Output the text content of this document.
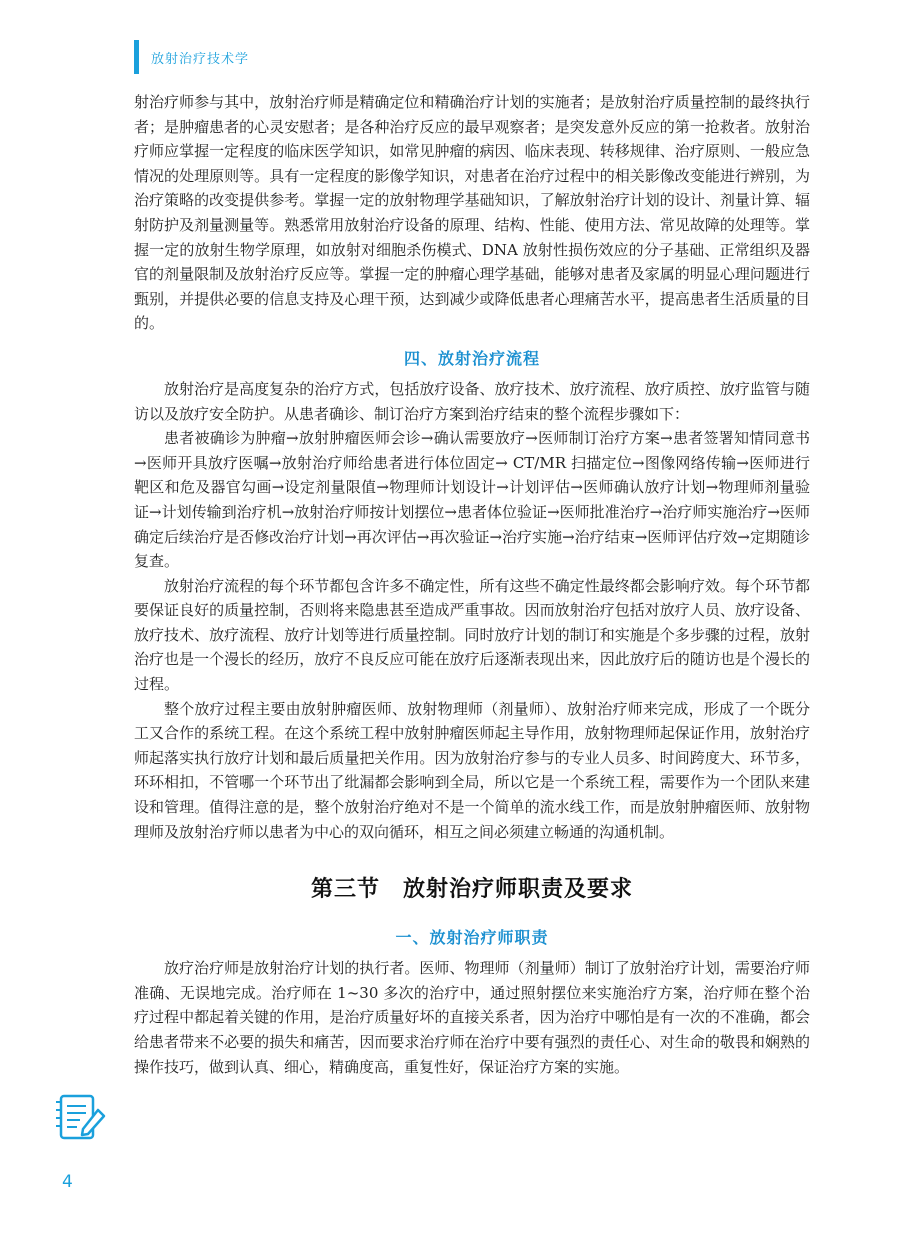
放射治疗技术学

射治疗师参与其中，放射治疗师是精确定位和精确治疗计划的实施者；是放射治疗质量控制的最终执行者；是肿瘤患者的心灵安慰者；是各种治疗反应的最早观察者；是突发意外反应的第一抢救者。放射治疗师应掌握一定程度的临床医学知识，如常见肿瘤的病因、临床表现、转移规律、治疗原则、一般应急情况的处理原则等。具有一定程度的影像学知识，对患者在治疗过程中的相关影像改变能进行辨别，为治疗策略的改变提供参考。掌握一定的放射物理学基础知识，了解放射治疗计划的设计、剂量计算、辐射防护及剂量测量等。熟悉常用放射治疗设备的原理、结构、性能、使用方法、常见故障的处理等。掌握一定的放射生物学原理，如放射对细胞杀伤模式、DNA 放射性损伤效应的分子基础、正常组织及器官的剂量限制及放射治疗反应等。掌握一定的肿瘤心理学基础，能够对患者及家属的明显心理问题进行甄别，并提供必要的信息支持及心理干预，达到减少或降低患者心理痛苦水平，提高患者生活质量的目的。

四、放射治疗流程

放射治疗是高度复杂的治疗方式，包括放疗设备、放疗技术、放疗流程、放疗质控、放疗监管与随访以及放疗安全防护。从患者确诊、制订治疗方案到治疗结束的整个流程步骤如下：

患者被确诊为肿瘤→放射肿瘤医师会诊→确认需要放疗→医师制订治疗方案→患者签署知情同意书→医师开具放疗医嘱→放射治疗师给患者进行体位固定→ CT/MR 扫描定位→图像网络传输→医师进行靶区和危及器官勾画→设定剂量限值→物理师计划设计→计划评估→医师确认放疗计划→物理师剂量验证→计划传输到治疗机→放射治疗师按计划摆位→患者体位验证→医师批准治疗→治疗师实施治疗→医师确定后续治疗是否修改治疗计划→再次评估→再次验证→治疗实施→治疗结束→医师评估疗效→定期随诊复查。

放射治疗流程的每个环节都包含许多不确定性，所有这些不确定性最终都会影响疗效。每个环节都要保证良好的质量控制，否则将来隐患甚至造成严重事故。因而放射治疗包括对放疗人员、放疗设备、放疗技术、放疗流程、放疗计划等进行质量控制。同时放疗计划的制订和实施是个多步骤的过程，放射治疗也是一个漫长的经历，放疗不良反应可能在放疗后逐渐表现出来，因此放疗后的随访也是个漫长的过程。

整个放疗过程主要由放射肿瘤医师、放射物理师（剂量师）、放射治疗师来完成，形成了一个既分工又合作的系统工程。在这个系统工程中放射肿瘤医师起主导作用，放射物理师起保证作用，放射治疗师起落实执行放疗计划和最后质量把关作用。因为放射治疗参与的专业人员多、时间跨度大、环节多，环环相扣，不管哪一个环节出了纰漏都会影响到全局，所以它是一个系统工程，需要作为一个团队来建设和管理。值得注意的是，整个放射治疗绝对不是一个简单的流水线工作，而是放射肿瘤医师、放射物理师及放射治疗师以患者为中心的双向循环，相互之间必须建立畅通的沟通机制。

第三节　放射治疗师职责及要求
一、放射治疗师职责

放疗治疗师是放射治疗计划的执行者。医师、物理师（剂量师）制订了放射治疗计划，需要治疗师准确、无误地完成。治疗师在 1~30 多次的治疗中，通过照射摆位来实施治疗方案，治疗师在整个治疗过程中都起着关键的作用，是治疗质量好坏的直接关系者，因为治疗中哪怕是有一次的不准确，都会给患者带来不必要的损失和痛苦，因而要求治疗师在治疗中要有强烈的责任心、对生命的敬畏和娴熟的操作技巧，做到认真、细心，精确度高，重复性好，保证治疗方案的实施。

4
